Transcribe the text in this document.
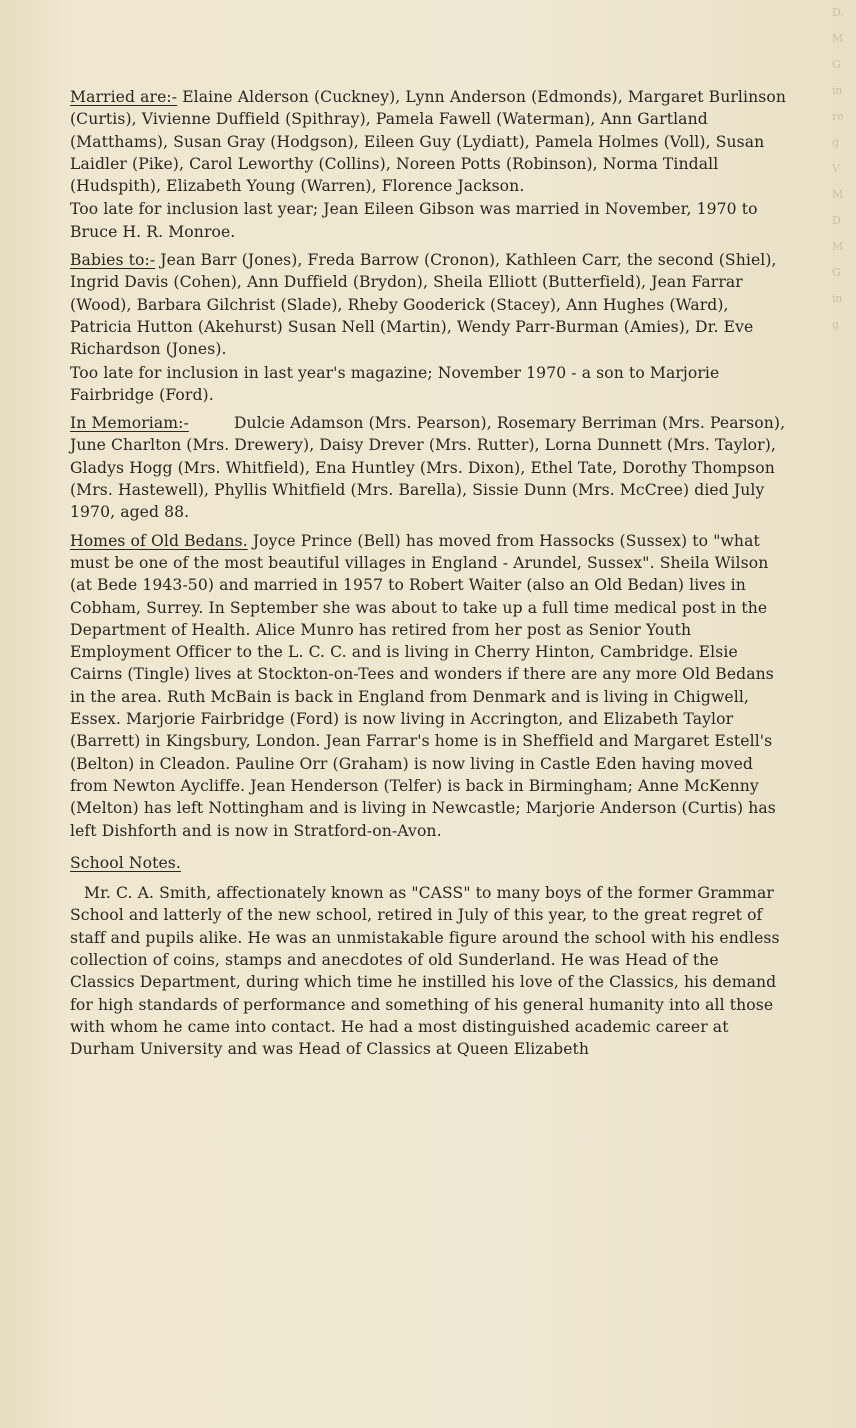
D.
M
G
in
re
g
V
M
D
M
G
in
g

Married are:- Elaine Alderson (Cuckney), Lynn Anderson (Edmonds), Margaret Burlinson (Curtis), Vivienne Duffield (Spithray), Pamela Fawell (Waterman), Ann Gartland (Matthams), Susan Gray (Hodgson), Eileen Guy (Lydiatt), Pamela Holmes (Voll), Susan Laidler (Pike), Carol Leworthy (Collins), Noreen Potts (Robinson), Norma Tindall (Hudspith), Elizabeth Young (Warren), Florence Jackson.

Too late for inclusion last year; Jean Eileen Gibson was married in November, 1970 to Bruce H. R. Monroe.

Babies to:- Jean Barr (Jones), Freda Barrow (Cronon), Kathleen Carr, the second (Shiel), Ingrid Davis (Cohen), Ann Duffield (Brydon), Sheila Elliott (Butterfield), Jean Farrar (Wood), Barbara Gilchrist (Slade), Rheby Gooderick (Stacey), Ann Hughes (Ward), Patricia Hutton (Akehurst) Susan Nell (Martin), Wendy Parr-Burman (Amies), Dr. Eve Richardson (Jones).

Too late for inclusion in last year's magazine; November 1970 - a son to Marjorie Fairbridge (Ford).

In Memoriam:-	Dulcie Adamson (Mrs. Pearson), Rosemary Berriman (Mrs. Pearson), June Charlton (Mrs. Drewery), Daisy Drever (Mrs. Rutter), Lorna Dunnett (Mrs. Taylor), Gladys Hogg (Mrs. Whitfield), Ena Huntley (Mrs. Dixon), Ethel Tate, Dorothy Thompson (Mrs. Hastewell), Phyllis Whitfield (Mrs. Barella), Sissie Dunn (Mrs. McCree) died July 1970, aged 88.

Homes of Old Bedans. Joyce Prince (Bell) has moved from Hassocks (Sussex) to "what must be one of the most beautiful villages in England - Arundel, Sussex". Sheila Wilson (at Bede 1943-50) and married in 1957 to Robert Waiter (also an Old Bedan) lives in Cobham, Surrey. In September she was about to take up a full time medical post in the Department of Health. Alice Munro has retired from her post as Senior Youth Employment Officer to the L. C. C. and is living in Cherry Hinton, Cambridge. Elsie Cairns (Tingle) lives at Stockton-on-Tees and wonders if there are any more Old Bedans in the area. Ruth McBain is back in England from Denmark and is living in Chigwell, Essex. Marjorie Fairbridge (Ford) is now living in Accrington, and Elizabeth Taylor (Barrett) in Kingsbury, London. Jean Farrar's home is in Sheffield and Margaret Estell's (Belton) in Cleadon. Pauline Orr (Graham) is now living in Castle Eden having moved from Newton Aycliffe. Jean Henderson (Telfer) is back in Birmingham; Anne McKenny (Melton) has left Nottingham and is living in Newcastle; Marjorie Anderson (Curtis) has left Dishforth and is now in Stratford-on-Avon.

School Notes.

Mr. C. A. Smith, affectionately known as "CASS" to many boys of the former Grammar School and latterly of the new school, retired in July of this year, to the great regret of staff and pupils alike. He was an unmistakable figure around the school with his endless collection of coins, stamps and anecdotes of old Sunderland. He was Head of the Classics Department, during which time he instilled his love of the Classics, his demand for high standards of performance and something of his general humanity into all those with whom he came into contact. He had a most distinguished academic career at Durham University and was Head of Classics at Queen Elizabeth
